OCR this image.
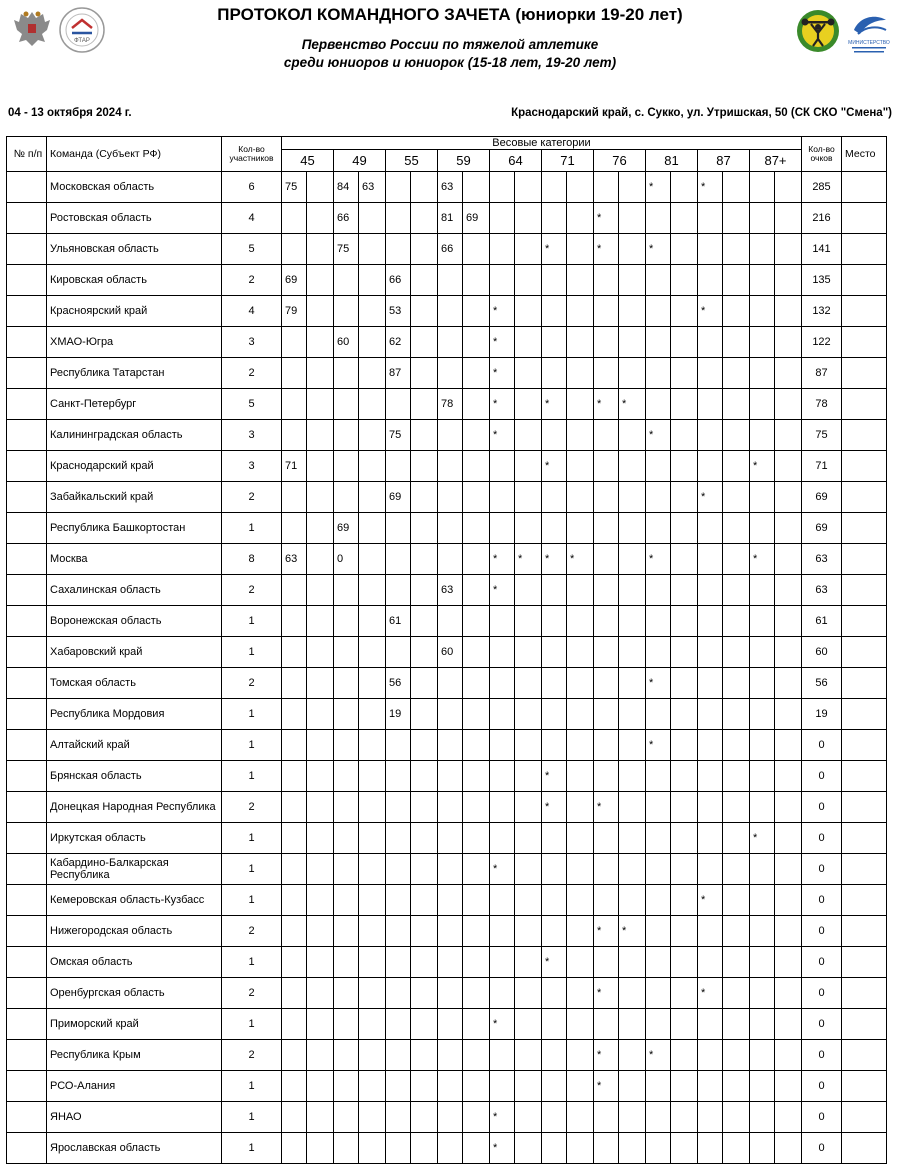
ФТАР
ПРОТОКОЛ КОМАНДНОГО ЗАЧЕТА (юниорки 19-20 лет)
Первенство России по тяжелой атлетике
среди юниоров и юниорок (15-18 лет, 19-20 лет)
МИНИСТЕРСТВО
04 - 13 октября 2024 г.	Краснодарский край, с. Сукко, ул. Утришская, 50 (СК СКО "Смена")
№ п/п	Команда (Субъект РФ)	Кол-во участников	Весовые категории																				Кол-во очков	Место
			45		49		55		59		64		71		76		81		87		87+			
	Московская область	6	75		84	63			63								*		*				285	
	Ростовская область	4			66				81	69					*								216	
	Ульяновская область	5			75				66				*		*		*						141	
	Кировская область	2	69				66																135	
	Красноярский край	4	79				53				*								*				132	
	ХМАО-Югра	3			60		62				*												122	
	Республика Татарстан	2					87				*												87	
	Санкт-Петербург	5							78		*		*		*	*							78	
	Калининградская область	3					75				*						*						75	
	Краснодарский край	3	71										*								*		71	
	Забайкальский край	2					69												*				69	
	Республика Башкортостан	1			69																		69	
	Москва	8	63		0						*	*	*	*			*				*		63	
	Сахалинская область	2							63		*												63	
	Воронежская область	1					61																61	
	Хабаровский край	1							60														60	
	Томская область	2					56										*						56	
	Республика Мордовия	1					19																19	
	Алтайский край	1															*						0	
	Брянская область	1											*										0	
	Донецкая Народная Республика	2											*		*								0	
	Иркутская область	1																			*		0	
	Кабардино-Балкарская Республика	1									*												0	
	Кемеровская область-Кузбасс	1																	*				0	
	Нижегородская область	2													*	*							0	
	Омская область	1											*										0	
	Оренбургская область	2													*				*				0	
	Приморский край	1									*												0	
	Республика Крым	2													*		*						0	
	РСО-Алания	1													*								0	
	ЯНАО	1									*												0	
	Ярославская область	1									*												0	
